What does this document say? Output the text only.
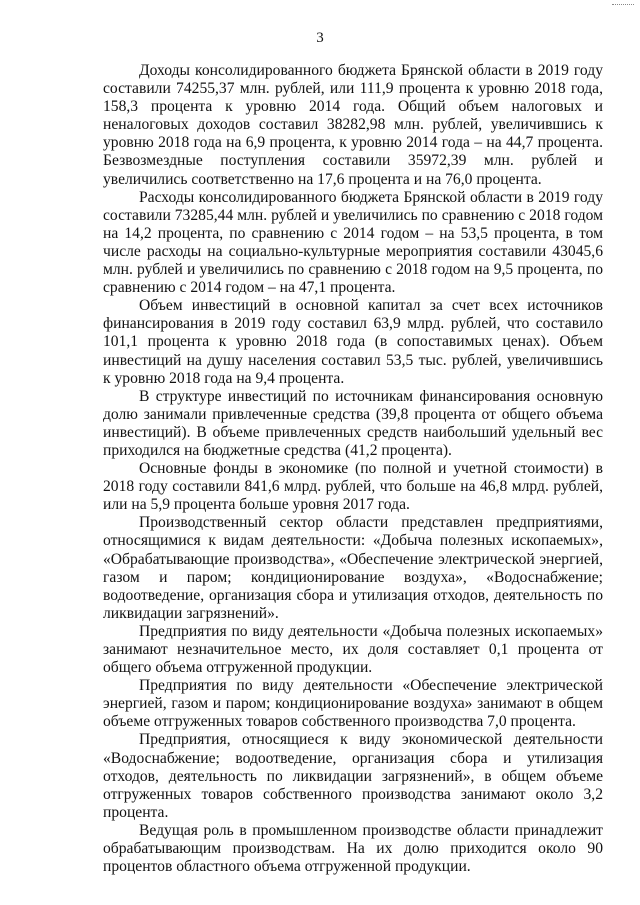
3

Доходы консолидированного бюджета Брянской области в 2019 году составили 74255,37 млн. рублей, или 111,9 процента к уровню 2018 года, 158,3 процента к уровню 2014 года. Общий объем налоговых и неналоговых доходов составил 38282,98 млн. рублей, увеличившись к уровню 2018 года на 6,9 процента, к уровню 2014 года – на 44,7 процента. Безвозмездные поступления составили 35972,39 млн. рублей и увеличились соответственно на 17,6 процента и на 76,0 процента.

Расходы консолидированного бюджета Брянской области в 2019 году составили 73285,44 млн. рублей и увеличились по сравнению с 2018 годом на 14,2 процента, по сравнению с 2014 годом – на 53,5 процента, в том числе расходы на социально-культурные мероприятия составили 43045,6 млн. рублей и увеличились по сравнению с 2018 годом на 9,5 процента, по сравнению с 2014 годом – на 47,1 процента.

Объем инвестиций в основной капитал за счет всех источников финансирования в 2019 году составил 63,9 млрд. рублей, что составило 101,1 процента к уровню 2018 года (в сопоставимых ценах). Объем инвестиций на душу населения составил 53,5 тыс. рублей, увеличившись к уровню 2018 года на 9,4 процента.

В структуре инвестиций по источникам финансирования основную долю занимали привлеченные средства (39,8 процента от общего объема инвестиций). В объеме привлеченных средств наибольший удельный вес приходился на бюджетные средства (41,2 процента).

Основные фонды в экономике (по полной и учетной стоимости) в 2018 году составили 841,6 млрд. рублей, что больше на 46,8 млрд. рублей, или на 5,9 процента больше уровня 2017 года.

Производственный сектор области представлен предприятиями, относящимися к видам деятельности: «Добыча полезных ископаемых», «Обрабатывающие производства», «Обеспечение электрической энергией, газом и паром; кондиционирование воздуха», «Водоснабжение; водоотведение, организация сбора и утилизация отходов, деятельность по ликвидации загрязнений».

Предприятия по виду деятельности «Добыча полезных ископаемых» занимают незначительное место, их доля составляет 0,1 процента от общего объема отгруженной продукции.

Предприятия по виду деятельности «Обеспечение электрической энергией, газом и паром; кондиционирование воздуха» занимают в общем объеме отгруженных товаров собственного производства 7,0 процента.

Предприятия, относящиеся к виду экономической деятельности «Водоснабжение; водоотведение, организация сбора и утилизация отходов, деятельность по ликвидации загрязнений», в общем объеме отгруженных товаров собственного производства занимают около 3,2 процента.

Ведущая роль в промышленном производстве области принадлежит обрабатывающим производствам. На их долю приходится около 90 процентов областного объема отгруженной продукции.
